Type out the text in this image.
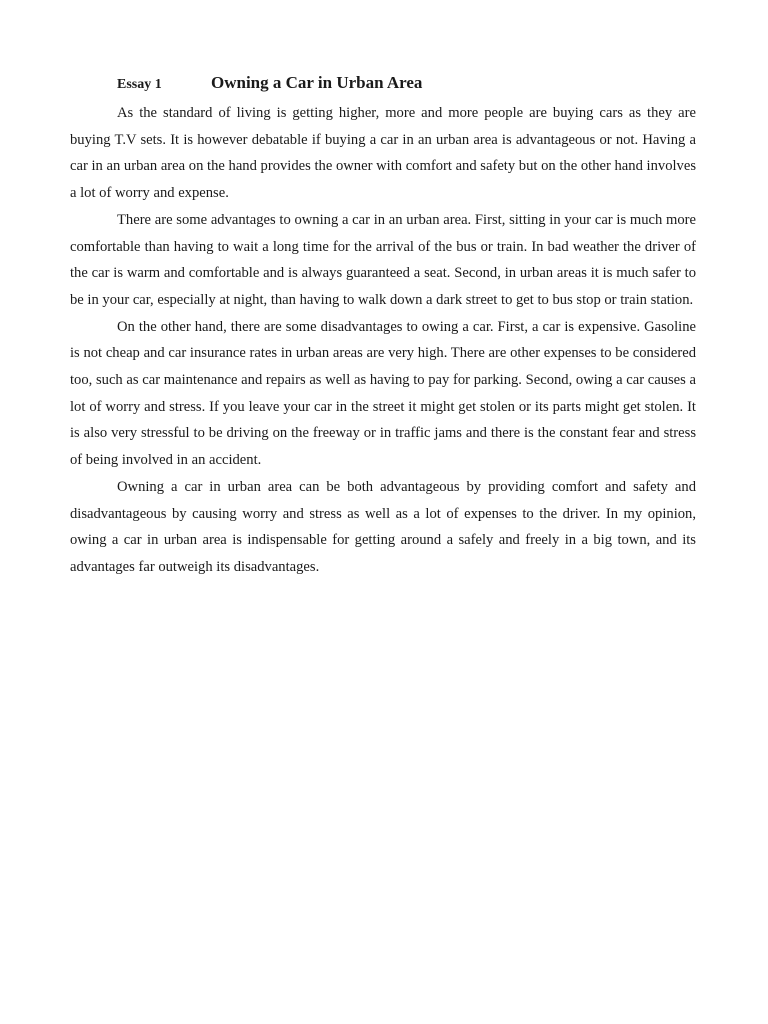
Essay 1	Owning a Car in Urban Area

As the standard of living is getting higher, more and more people are buying cars as they are buying T.V sets. It is however debatable if buying a car in an urban area is advantageous or not. Having a car in an urban area on the hand provides the owner with comfort and safety but on the other hand involves a lot of worry and expense.

There are some advantages to owning a car in an urban area. First, sitting in your car is much more comfortable than having to wait a long time for the arrival of the bus or train. In bad weather the driver of the car is warm and comfortable and is always guaranteed a seat. Second, in urban areas it is much safer to be in your car, especially at night, than having to walk down a dark street to get to bus stop or train station.

On the other hand, there are some disadvantages to owing a car. First, a car is expensive. Gasoline is not cheap and car insurance rates in urban areas are very high. There are other expenses to be considered too, such as car maintenance and repairs as well as having to pay for parking. Second, owing a car causes a lot of worry and stress. If you leave your car in the street it might get stolen or its parts might get stolen. It is also very stressful to be driving on the freeway or in traffic jams and there is the constant fear and stress of being involved in an accident.

Owning a car in urban area can be both advantageous by providing comfort and safety and disadvantageous by causing worry and stress as well as a lot of expenses to the driver. In my opinion, owing a car in urban area is indispensable for getting around a safely and freely in a big town, and its advantages far outweigh its disadvantages.
